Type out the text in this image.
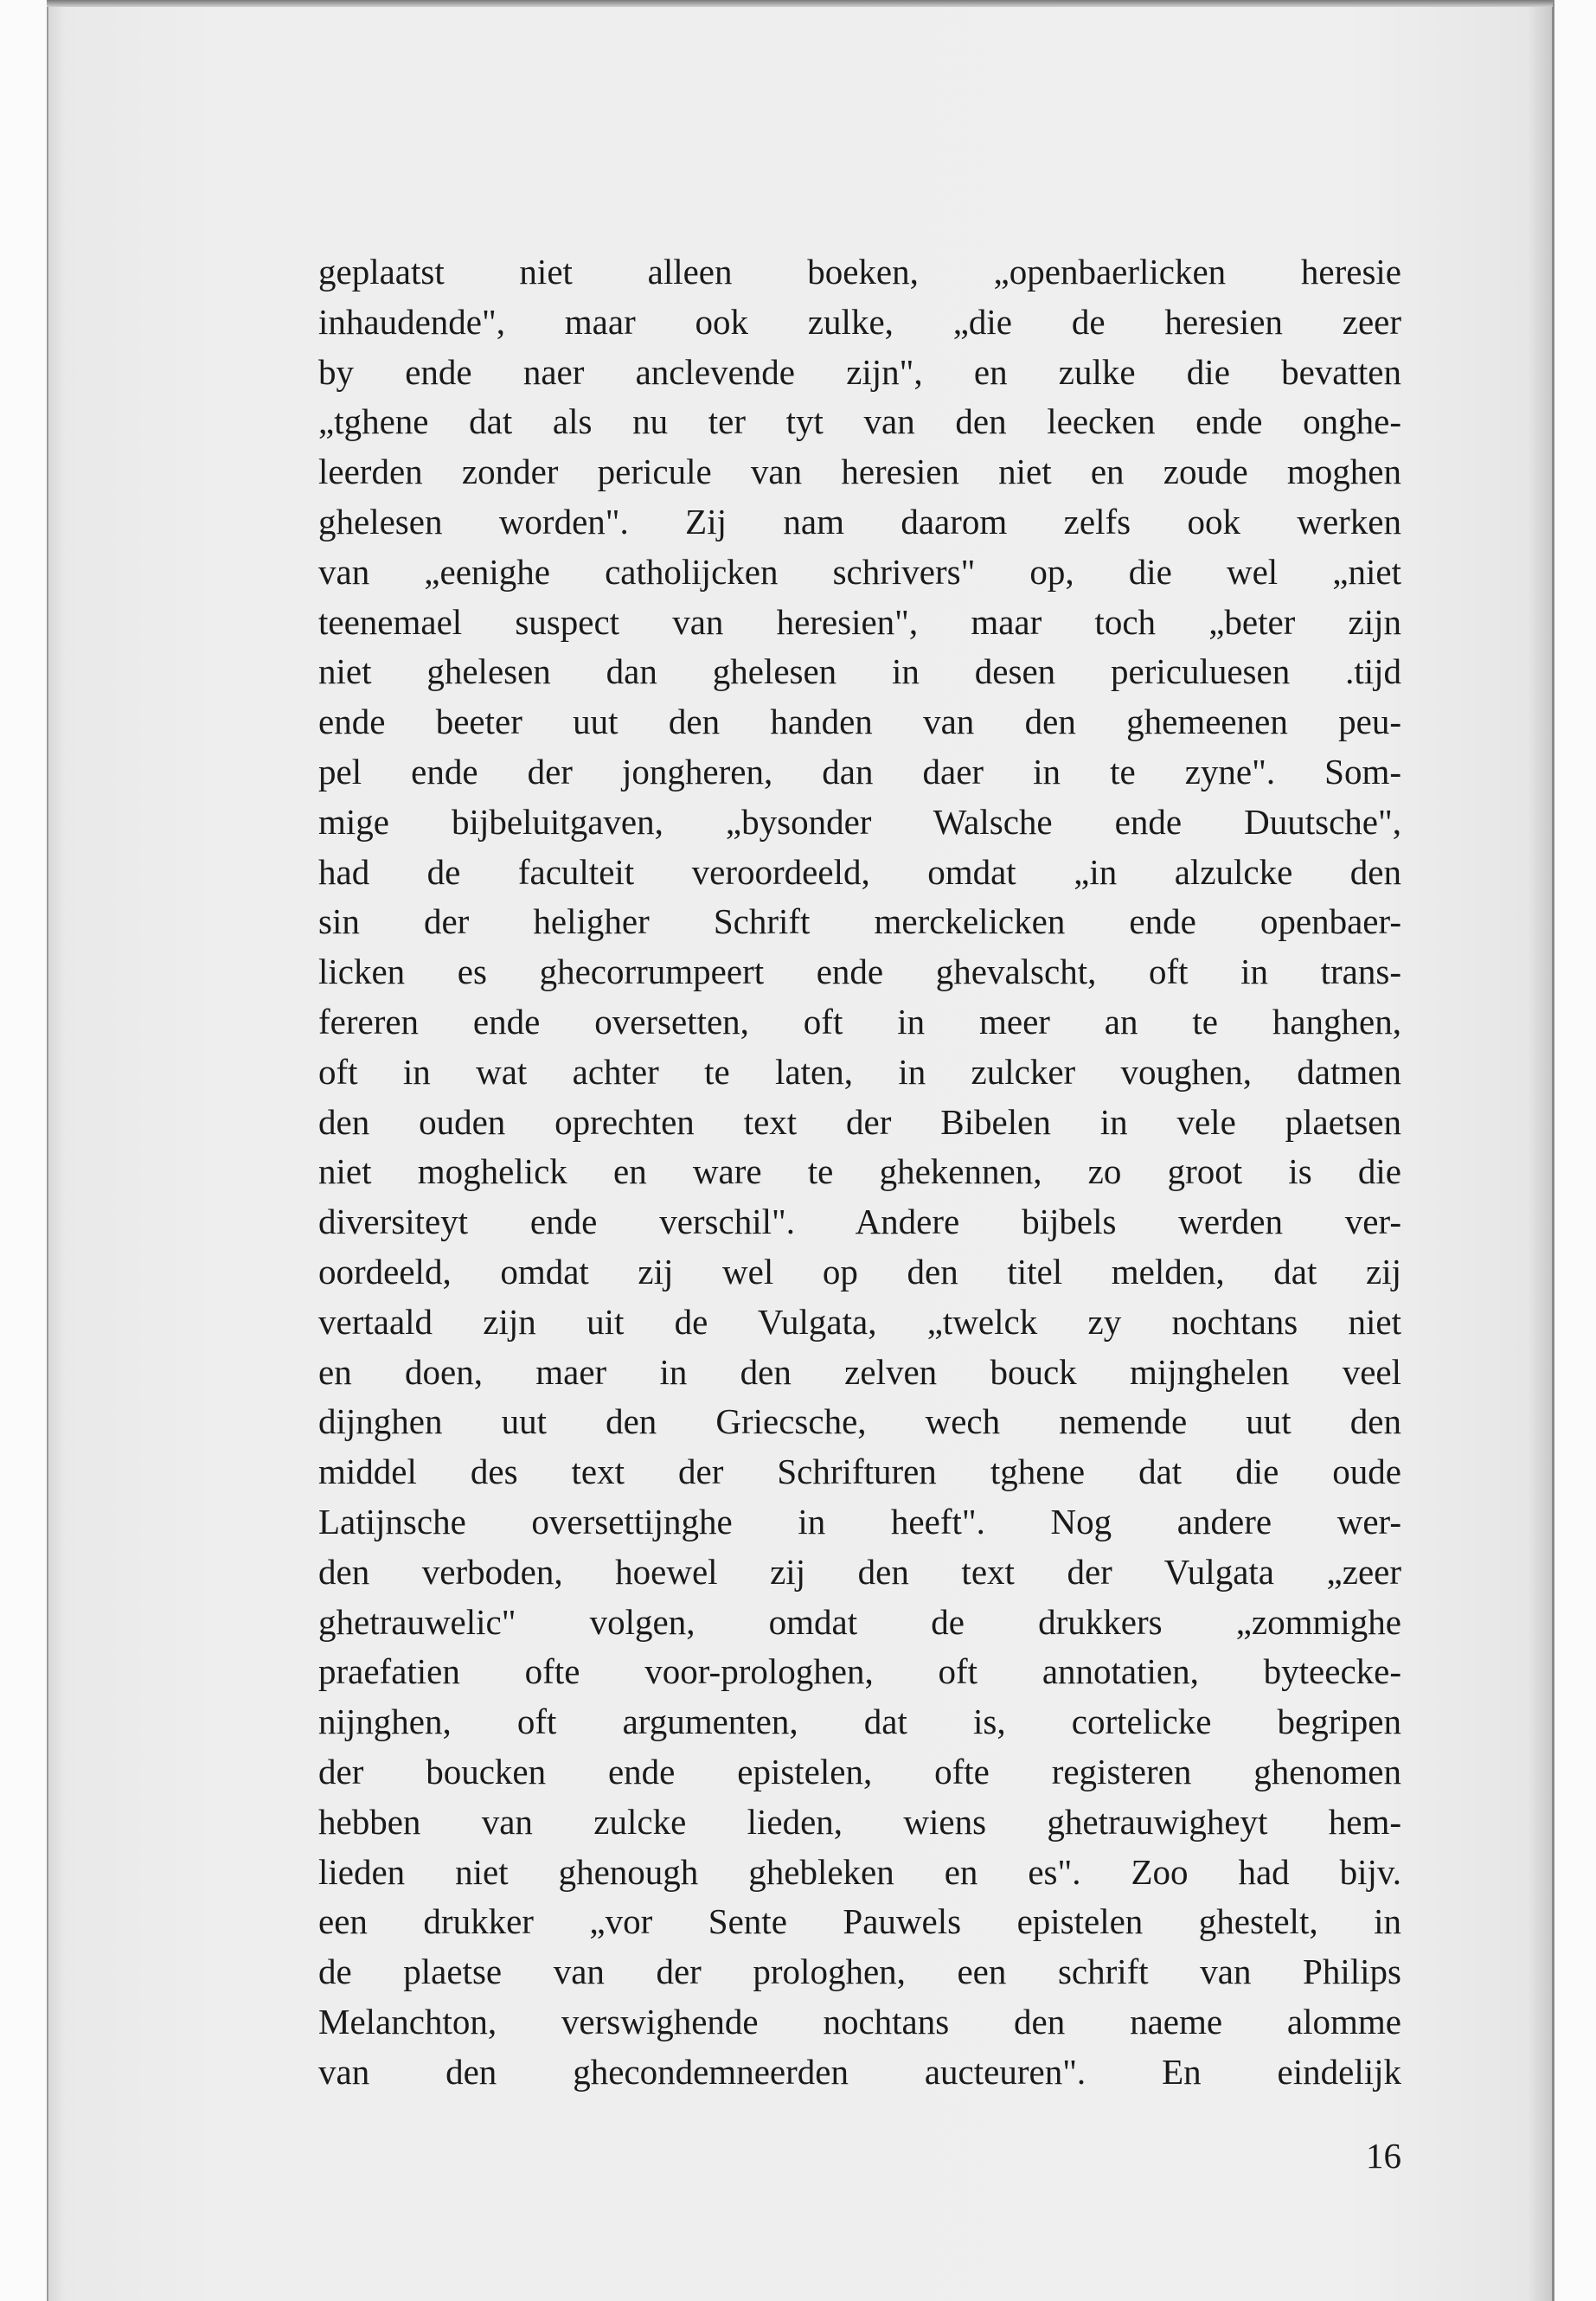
geplaatst niet alleen boeken, „openbaerlicken heresie
inhaudende", maar ook zulke, „die de heresien zeer
by ende naer anclevende zijn", en zulke die bevatten
„tghene dat als nu ter tyt van den leecken ende onghe-
leerden zonder pericule van heresien niet en zoude moghen
ghelesen worden". Zij nam daarom zelfs ook werken
van „eenighe catholijcken schrivers" op, die wel „niet
teenemael suspect van heresien", maar toch „beter zijn
niet ghelesen dan ghelesen in desen periculuesen .tijd
ende beeter uut den handen van den ghemeenen peu-
pel ende der jongheren, dan daer in te zyne". Som-
mige bijbeluitgaven, „bysonder Walsche ende Duutsche",
had de faculteit veroordeeld, omdat „in alzulcke den
sin der heligher Schrift merckelicken ende openbaer-
licken es ghecorrumpeert ende ghevalscht, oft in trans-
fereren ende oversetten, oft in meer an te hanghen,
oft in wat achter te laten, in zulcker voughen, datmen
den ouden oprechten text der Bibelen in vele plaetsen
niet moghelick en ware te ghekennen, zo groot is die
diversiteyt ende verschil". Andere bijbels werden ver-
oordeeld, omdat zij wel op den titel melden, dat zij
vertaald zijn uit de Vulgata, „twelck zy nochtans niet
en doen, maer in den zelven bouck mijnghelen veel
dijnghen uut den Griecsche, wech nemende uut den
middel des text der Schrifturen tghene dat die oude
Latijnsche oversettijnghe in heeft". Nog andere wer-
den verboden, hoewel zij den text der Vulgata „zeer
ghetrauwelic" volgen, omdat de drukkers „zommighe
praefatien ofte voor-prologhen, oft annotatien, byteecke-
nijnghen, oft argumenten, dat is, cortelicke begripen
der boucken ende epistelen, ofte registeren ghenomen
hebben van zulcke lieden, wiens ghetrauwigheyt hem-
lieden niet ghenough ghebleken en es". Zoo had bijv.
een drukker „vor Sente Pauwels epistelen ghestelt, in
de plaetse van der prologhen, een schrift van Philips
Melanchton, verswighende nochtans den naeme alomme
van den ghecondemneerden aucteuren". En eindelijk
16
